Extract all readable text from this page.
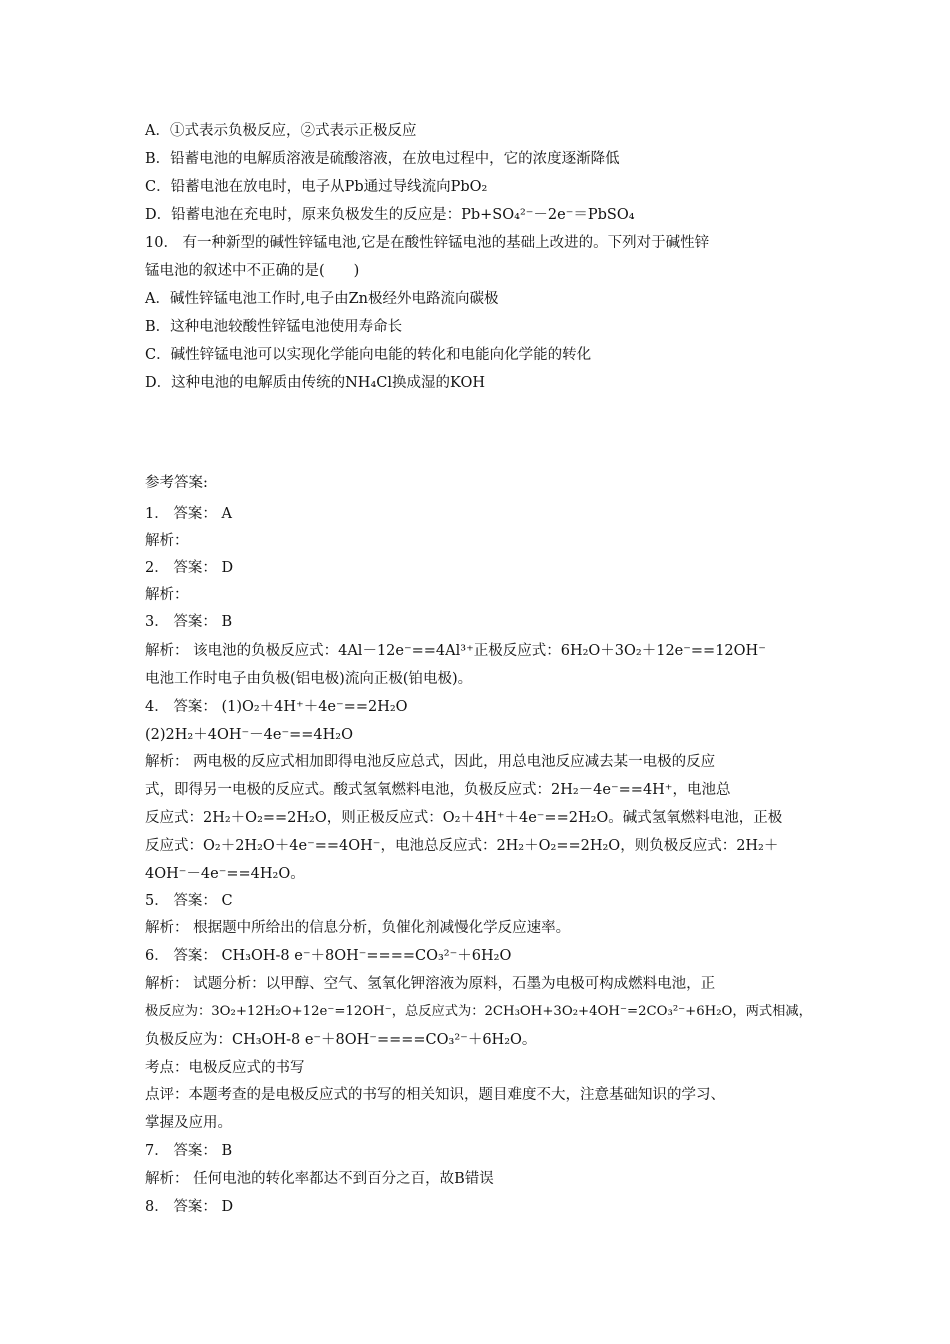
A．①式表示负极反应，②式表示正极反应
B．铅蓄电池的电解质溶液是硫酸溶液，在放电过程中，它的浓度逐渐降低
C．铅蓄电池在放电时，电子从Pb通过导线流向PbO₂
D．铅蓄电池在充电时，原来负极发生的反应是：Pb+SO₄²⁻－2e⁻＝PbSO₄
10． 有一种新型的碱性锌锰电池,它是在酸性锌锰电池的基础上改进的。下列对于碱性锌
锰电池的叙述中不正确的是(　　)
A．碱性锌锰电池工作时,电子由Zn极经外电路流向碳极
B．这种电池较酸性锌锰电池使用寿命长
C．碱性锌锰电池可以实现化学能向电能的转化和电能向化学能的转化
D．这种电池的电解质由传统的NH₄Cl换成湿的KOH
参考答案:
1． 答案： A
解析：
2． 答案： D
解析：
3． 答案： B
解析： 该电池的负极反应式：4Al－12e⁻==4Al³⁺正极反应式：6H₂O＋3O₂＋12e⁻==12OH⁻
电池工作时电子由负极(铝电极)流向正极(铂电极)。
4． 答案： (1)O₂＋4H⁺＋4e⁻==2H₂O
(2)2H₂＋4OH⁻－4e⁻==4H₂O
解析： 两电极的反应式相加即得电池反应总式，因此，用总电池反应减去某一电极的反应
式，即得另一电极的反应式。酸式氢氧燃料电池，负极反应式：2H₂－4e⁻==4H⁺，电池总
反应式：2H₂＋O₂==2H₂O，则正极反应式：O₂＋4H⁺＋4e⁻==2H₂O。碱式氢氧燃料电池，正极
反应式：O₂＋2H₂O＋4e⁻==4OH⁻，电池总反应式：2H₂＋O₂==2H₂O，则负极反应式：2H₂＋
4OH⁻－4e⁻==4H₂O。
5． 答案： C
解析： 根据题中所给出的信息分析，负催化剂减慢化学反应速率。
6． 答案： CH₃OH-8 e⁻＋8OH⁻====CO₃²⁻＋6H₂O
解析： 试题分析：以甲醇、空气、氢氧化钾溶液为原料，石墨为电极可构成燃料电池，正
极反应为：3O₂+12H₂O+12e⁻=12OH⁻，总反应式为：2CH₃OH+3O₂+4OH⁻=2CO₃²⁻+6H₂O，两式相减，
负极反应为：CH₃OH-8 e⁻＋8OH⁻====CO₃²⁻＋6H₂O。
考点：电极反应式的书写
点评：本题考查的是电极反应式的书写的相关知识，题目难度不大，注意基础知识的学习、
掌握及应用。
7． 答案： B
解析： 任何电池的转化率都达不到百分之百，故B错误
8． 答案： D
